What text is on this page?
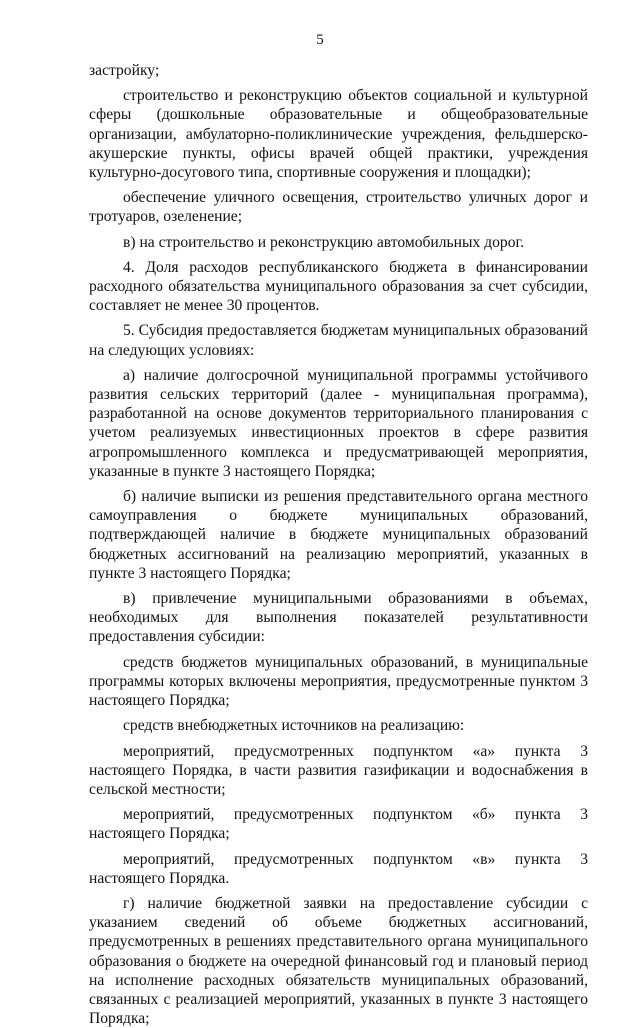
5

застройку;

строительство и реконструкцию объектов социальной и культурной сферы (дошкольные образовательные и общеобразовательные организации, амбулаторно-поликлинические учреждения, фельдшерско-акушерские пункты, офисы врачей общей практики, учреждения культурно-досугового типа, спортивные сооружения и площадки);

обеспечение уличного освещения, строительство уличных дорог и тротуаров, озеленение;

в) на строительство и реконструкцию автомобильных дорог.

4. Доля расходов республиканского бюджета в финансировании расходного обязательства муниципального образования за счет субсидии, составляет не менее 30 процентов.

5. Субсидия предоставляется бюджетам муниципальных образований на следующих условиях:

а) наличие долгосрочной муниципальной программы устойчивого развития сельских территорий (далее - муниципальная программа), разработанной на основе документов территориального планирования с учетом реализуемых инвестиционных проектов в сфере развития агропромышленного комплекса и предусматривающей мероприятия, указанные в пункте 3 настоящего Порядка;

б) наличие выписки из решения представительного органа местного самоуправления о бюджете муниципальных образований, подтверждающей наличие в бюджете муниципальных образований бюджетных ассигнований на реализацию мероприятий, указанных в пункте 3 настоящего Порядка;

в) привлечение муниципальными образованиями в объемах, необходимых для выполнения показателей результативности предоставления субсидии:

средств бюджетов муниципальных образований, в муниципальные программы которых включены мероприятия, предусмотренные пунктом 3 настоящего Порядка;

средств внебюджетных источников на реализацию:

мероприятий, предусмотренных подпунктом «а» пункта 3 настоящего Порядка, в части развития газификации и водоснабжения в сельской местности;

мероприятий, предусмотренных подпунктом «б» пункта 3 настоящего Порядка;

мероприятий, предусмотренных подпунктом «в» пункта 3 настоящего Порядка.

г) наличие бюджетной заявки на предоставление субсидии с указанием сведений об объеме бюджетных ассигнований, предусмотренных в решениях представительного органа муниципального образования о бюджете на очередной финансовый год и плановый период на исполнение расходных обязательств муниципальных образований, связанных с реализацией мероприятий, указанных в пункте 3 настоящего Порядка;
